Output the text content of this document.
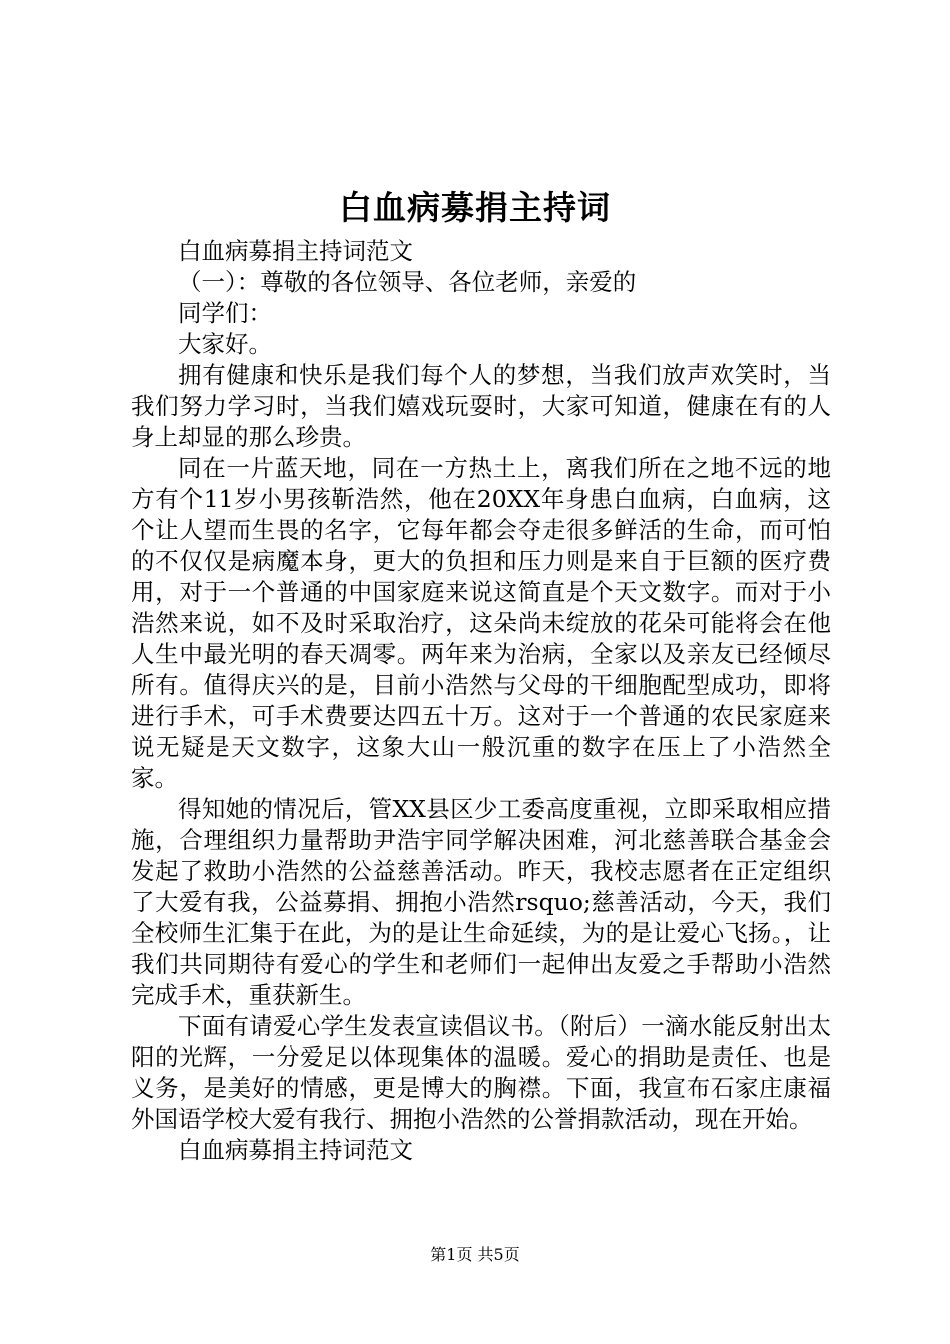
白血病募捐主持词

白血病募捐主持词范文

（一）：尊敬的各位领导、各位老师，亲爱的

同学们：

大家好。

拥有健康和快乐是我们每个人的梦想，当我们放声欢笑时，当我们努力学习时，当我们嬉戏玩耍时，大家可知道，健康在有的人身上却显的那么珍贵。

同在一片蓝天地，同在一方热土上，离我们所在之地不远的地方有个11岁小男孩靳浩然，他在20XX年身患白血病，白血病，这个让人望而生畏的名字，它每年都会夺走很多鲜活的生命，而可怕的不仅仅是病魔本身，更大的负担和压力则是来自于巨额的医疗费用，对于一个普通的中国家庭来说这简直是个天文数字。而对于小浩然来说，如不及时采取治疗，这朵尚未绽放的花朵可能将会在他人生中最光明的春天凋零。两年来为治病，全家以及亲友已经倾尽所有。值得庆兴的是，目前小浩然与父母的干细胞配型成功，即将进行手术，可手术费要达四五十万。这对于一个普通的农民家庭来说无疑是天文数字，这象大山一般沉重的数字在压上了小浩然全家。

得知她的情况后，管XX县区少工委高度重视，立即采取相应措施，合理组织力量帮助尹浩宇同学解决困难，河北慈善联合基金会发起了救助小浩然的公益慈善活动。昨天，我校志愿者在正定组织了大爱有我，公益募捐、拥抱小浩然rsquo;慈善活动，今天，我们全校师生汇集于在此，为的是让生命延续，为的是让爱心飞扬。，让我们共同期待有爱心的学生和老师们一起伸出友爱之手帮助小浩然完成手术，重获新生。

下面有请爱心学生发表宣读倡议书。（附后）一滴水能反射出太阳的光辉，一分爱足以体现集体的温暖。爱心的捐助是责任、也是义务，是美好的情感，更是博大的胸襟。下面，我宣布石家庄康福外国语学校大爱有我行、拥抱小浩然的公誉捐款活动，现在开始。

白血病募捐主持词范文

第1页 共5页
